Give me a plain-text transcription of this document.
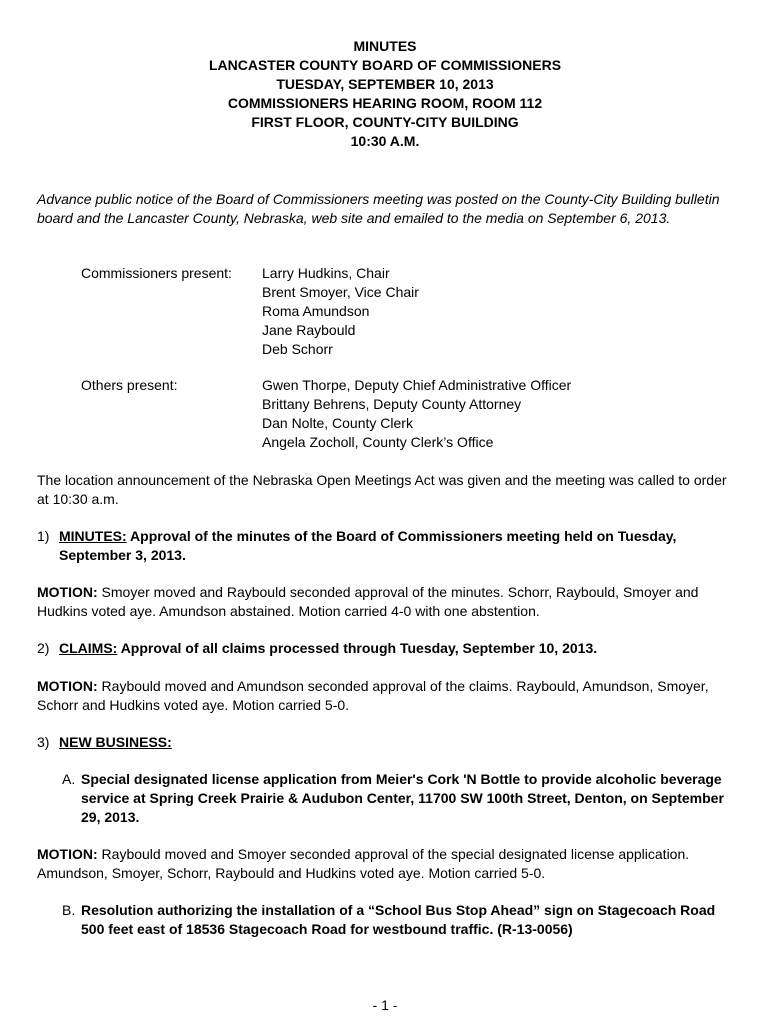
MINUTES
LANCASTER COUNTY BOARD OF COMMISSIONERS
TUESDAY, SEPTEMBER 10, 2013
COMMISSIONERS HEARING ROOM, ROOM 112
FIRST FLOOR, COUNTY-CITY BUILDING
10:30 A.M.
Advance public notice of the Board of Commissioners meeting was posted on the County-City Building bulletin board and the Lancaster County, Nebraska, web site and emailed to the media on September 6, 2013.
Commissioners present:	Larry Hudkins, Chair
Brent Smoyer, Vice Chair
Roma Amundson
Jane Raybould
Deb Schorr
Others present:	Gwen Thorpe, Deputy Chief Administrative Officer
Brittany Behrens, Deputy County Attorney
Dan Nolte, County Clerk
Angela Zocholl, County Clerk’s Office
The location announcement of the Nebraska Open Meetings Act was given and the meeting was called to order at 10:30 a.m.
1) MINUTES: Approval of the minutes of the Board of Commissioners meeting held on Tuesday, September 3, 2013.
MOTION: Smoyer moved and Raybould seconded approval of the minutes. Schorr, Raybould, Smoyer and Hudkins voted aye. Amundson abstained. Motion carried 4-0 with one abstention.
2) CLAIMS: Approval of all claims processed through Tuesday, September 10, 2013.
MOTION: Raybould moved and Amundson seconded approval of the claims. Raybould, Amundson, Smoyer, Schorr and Hudkins voted aye. Motion carried 5-0.
3) NEW BUSINESS:
A. Special designated license application from Meier's Cork 'N Bottle to provide alcoholic beverage service at Spring Creek Prairie & Audubon Center, 11700 SW 100th Street, Denton, on September 29, 2013.
MOTION: Raybould moved and Smoyer seconded approval of the special designated license application. Amundson, Smoyer, Schorr, Raybould and Hudkins voted aye. Motion carried 5-0.
B. Resolution authorizing the installation of a “School Bus Stop Ahead” sign on Stagecoach Road 500 feet east of 18536 Stagecoach Road for westbound traffic. (R-13-0056)
- 1 -
